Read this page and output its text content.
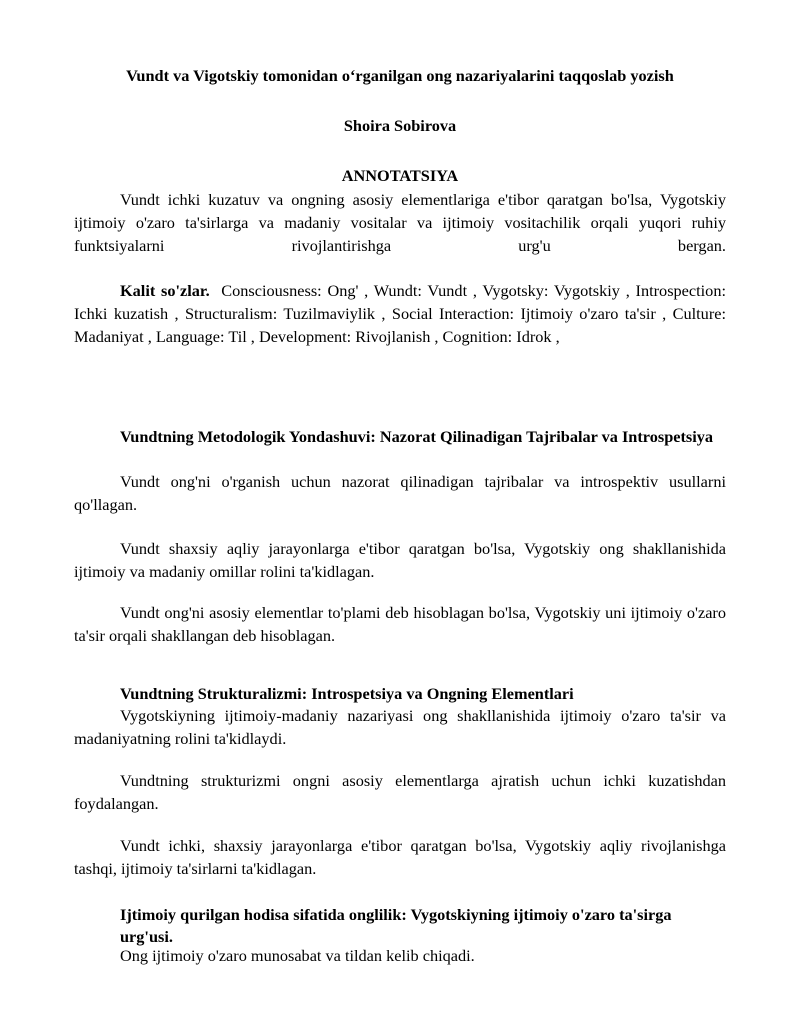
Vundt va Vigotskiy tomonidan o‘rganilgan ong nazariyalarini taqqoslab yozish
Shoira Sobirova
ANNOTATSIYA
Vundt ichki kuzatuv va ongning asosiy elementlariga e'tibor qaratgan bo'lsa, Vygotskiy ijtimoiy o'zaro ta'sirlarga va madaniy vositalar va ijtimoiy vositachilik orqali yuqori ruhiy funktsiyalarni rivojlantirishga urg'u bergan.
Kalit so'zlar. Consciousness: Ong' , Wundt: Vundt , Vygotsky: Vygotskiy , Introspection: Ichki kuzatish , Structuralism: Tuzilmaviylik , Social Interaction: Ijtimoiy o'zaro ta'sir , Culture: Madaniyat , Language: Til , Development: Rivojlanish , Cognition: Idrok ,
Vundtning Metodologik Yondashuvi: Nazorat Qilinadigan Tajribalar va Introspetsiya
Vundt ong'ni o'rganish uchun nazorat qilinadigan tajribalar va introspektiv usullarni qo'llagan.
Vundt shaxsiy aqliy jarayonlarga e'tibor qaratgan bo'lsa, Vygotskiy ong shakllanishida ijtimoiy va madaniy omillar rolini ta'kidlagan.
Vundt ong'ni asosiy elementlar to'plami deb hisoblagan bo'lsa, Vygotskiy uni ijtimoiy o'zaro ta'sir orqali shakllangan deb hisoblagan.
Vundtning Strukturalizmi: Introspetsiya va Ongning Elementlari
Vygotskiyning ijtimoiy-madaniy nazariyasi ong shakllanishida ijtimoiy o'zaro ta'sir va madaniyatning rolini ta'kidlaydi.
Vundtning strukturizmi ongni asosiy elementlarga ajratish uchun ichki kuzatishdan foydalangan.
Vundt ichki, shaxsiy jarayonlarga e'tibor qaratgan bo'lsa, Vygotskiy aqliy rivojlanishga tashqi, ijtimoiy ta'sirlarni ta'kidlagan.
Ijtimoiy qurilgan hodisa sifatida onglilik: Vygotskiyning ijtimoiy o'zaro ta'sirga urg'usi.
Ong ijtimoiy o'zaro munosabat va tildan kelib chiqadi.
